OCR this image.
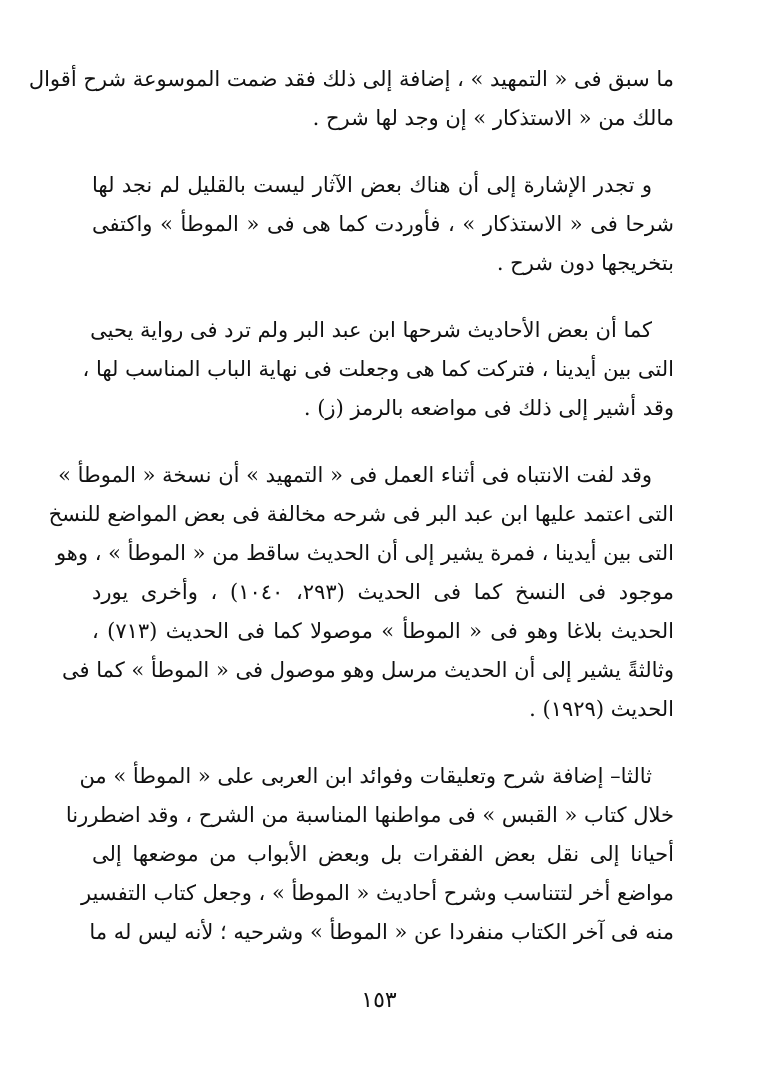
ما سبق فى « التمهيد » ، إضافة إلى ذلك فقد ضمت الموسوعة شرح أقوال
مالك من « الاستذكار » إن وجد لها شرح .

و تجدر الإشارة إلى أن هناك بعض الآثار ليست بالقليل لم نجد لها
شرحا فى « الاستذكار » ، فأوردت كما هى فى « الموطأ » واكتفى
بتخريجها دون شرح .

كما أن بعض الأحاديث شرحها ابن عبد البر ولم ترد فى رواية يحيى
التى بين أيدينا ، فتركت كما هى وجعلت فى نهاية الباب المناسب لها ،
وقد أشير إلى ذلك فى مواضعه بالرمز (ز) .

وقد لفت الانتباه فى أثناء العمل فى « التمهيد » أن نسخة « الموطأ »
التى اعتمد عليها ابن عبد البر فى شرحه مخالفة فى بعض المواضع للنسخ
التى بين أيدينا ، فمرة يشير إلى أن الحديث ساقط من « الموطأ » ، وهو
موجود فى النسخ كما فى الحديث (٢٩٣، ١٠٤٠) ، وأخرى يورد
الحديث بلاغا وهو فى « الموطأ » موصولا كما فى الحديث (٧١٣) ،
وثالثةً يشير إلى أن الحديث مرسل وهو موصول فى « الموطأ » كما فى
الحديث (١٩٢٩) .

ثالثا– إضافة شرح وتعليقات وفوائد ابن العربى على « الموطأ » من
خلال كتاب « القبس » فى مواطنها المناسبة من الشرح ، وقد اضطررنا
أحيانا إلى نقل بعض الفقرات بل وبعض الأبواب من موضعها إلى
مواضع أخر لتتناسب وشرح أحاديث « الموطأ » ، وجعل كتاب التفسير
منه فى آخر الكتاب منفردا عن « الموطأ » وشرحيه ؛ لأنه ليس له ما

١٥٣
